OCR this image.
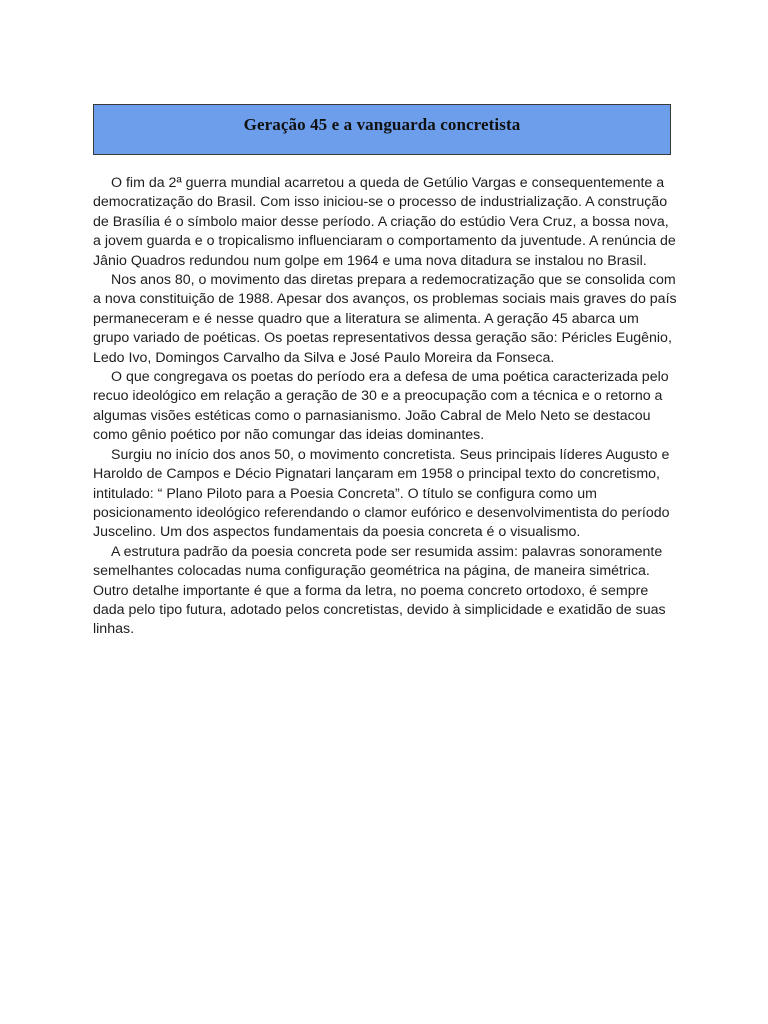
Geração 45 e a vanguarda concretista

O fim da 2ª guerra mundial acarretou a queda de Getúlio Vargas e consequentemente a democratização do Brasil. Com isso iniciou-se o processo de industrialização. A construção de Brasília é o símbolo maior desse período. A criação do estúdio Vera Cruz, a bossa nova, a jovem guarda e o tropicalismo influenciaram o comportamento da juventude. A renúncia de Jânio Quadros redundou num golpe em 1964 e uma nova ditadura se instalou no Brasil.

Nos anos 80, o movimento das diretas prepara a redemocratização que se consolida com a nova constituição de 1988. Apesar dos avanços, os problemas sociais mais graves do país permaneceram e é nesse quadro que a literatura se alimenta. A geração 45 abarca um grupo variado de poéticas. Os poetas representativos dessa geração são: Péricles Eugênio, Ledo Ivo, Domingos Carvalho da Silva e José Paulo Moreira da Fonseca.

O que congregava os poetas do período era a defesa de uma poética caracterizada pelo recuo ideológico em relação a geração de 30 e a preocupação com a técnica e o retorno a algumas visões estéticas como o parnasianismo. João Cabral de Melo Neto se destacou como gênio poético por não comungar das ideias dominantes.

Surgiu no início dos anos 50, o movimento concretista. Seus principais líderes Augusto e Haroldo de Campos e Décio Pignatari lançaram em 1958 o principal texto do concretismo, intitulado: “ Plano Piloto para a Poesia Concreta”. O título se configura como um posicionamento ideológico referendando o clamor eufórico e desenvolvimentista do período Juscelino. Um dos aspectos fundamentais da poesia concreta é o visualismo.

A estrutura padrão da poesia concreta pode ser resumida assim: palavras sonoramente semelhantes colocadas numa configuração geométrica na página, de maneira simétrica. Outro detalhe importante é que a forma da letra, no poema concreto ortodoxo, é sempre dada pelo tipo futura, adotado pelos concretistas, devido à simplicidade e exatidão de suas linhas.
